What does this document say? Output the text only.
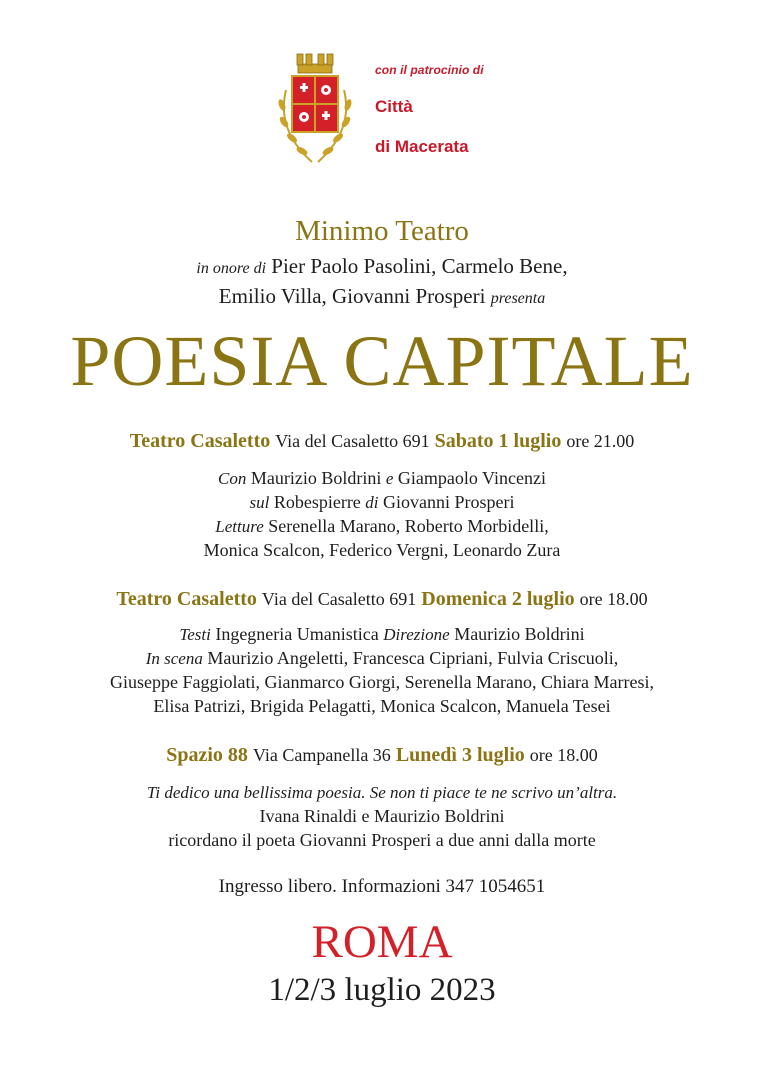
con il patrocinio di
Città
di Macerata
Minimo Teatro
in onore di Pier Paolo Pasolini, Carmelo Bene,
Emilio Villa, Giovanni Prosperi presenta
POESIA CAPITALE
Teatro Casaletto Via del Casaletto 691 Sabato 1 luglio ore 21.00
Con Maurizio Boldrini e Giampaolo Vincenzi
sul Robespierre di Giovanni Prosperi
Letture Serenella Marano, Roberto Morbidelli,
Monica Scalcon, Federico Vergni, Leonardo Zura
Teatro Casaletto Via del Casaletto 691 Domenica 2 luglio ore 18.00
Testi Ingegneria Umanistica Direzione Maurizio Boldrini
In scena Maurizio Angeletti, Francesca Cipriani, Fulvia Criscuoli,
Giuseppe Faggiolati, Gianmarco Giorgi, Serenella Marano, Chiara Marresi,
Elisa Patrizi, Brigida Pelagatti, Monica Scalcon, Manuela Tesei
Spazio 88 Via Campanella 36 Lunedì 3 luglio ore 18.00
Ti dedico una bellissima poesia. Se non ti piace te ne scrivo un’altra.
Ivana Rinaldi e Maurizio Boldrini
ricordano il poeta Giovanni Prosperi a due anni dalla morte
Ingresso libero. Informazioni 347 1054651
ROMA
1/2/3 luglio 2023
